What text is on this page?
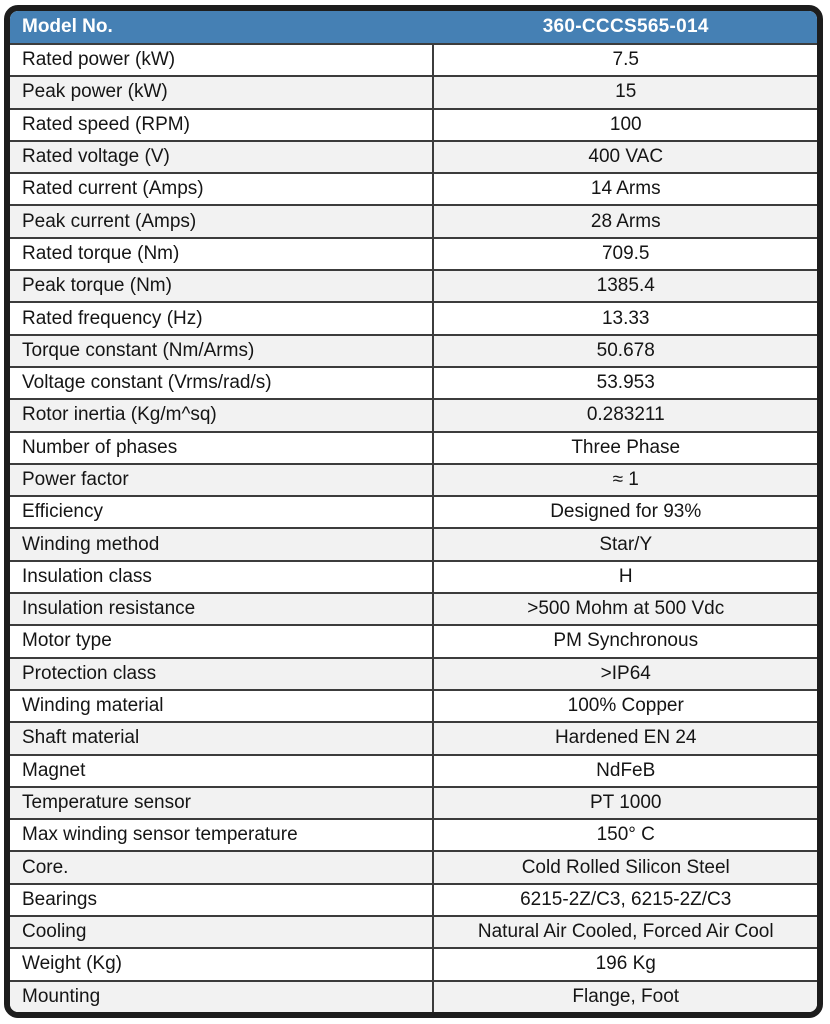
Model No.	360-CCCS565-014
Rated power (kW)	7.5
Peak power (kW)	15
Rated speed (RPM)	100
Rated voltage (V)	400 VAC
Rated current (Amps)	14 Arms
Peak current (Amps)	28 Arms
Rated torque (Nm)	709.5
Peak torque (Nm)	1385.4
Rated frequency (Hz)	13.33
Torque constant (Nm/Arms)	50.678
Voltage constant (Vrms/rad/s)	53.953
Rotor inertia (Kg/m^sq)	0.283211
Number of phases	Three Phase
Power factor	≈ 1
Efficiency	Designed for 93%
Winding method	Star/Y
Insulation class	H
Insulation resistance	>500 Mohm at 500 Vdc
Motor type	PM Synchronous
Protection class	>IP64
Winding material	100% Copper
Shaft material	Hardened EN 24
Magnet	NdFeB
Temperature sensor	PT 1000
Max winding sensor temperature	150° C
Core.	Cold Rolled Silicon Steel
Bearings	6215-2Z/C3, 6215-2Z/C3
Cooling	Natural Air Cooled, Forced Air Cool
Weight (Kg)	196 Kg
Mounting	Flange, Foot
